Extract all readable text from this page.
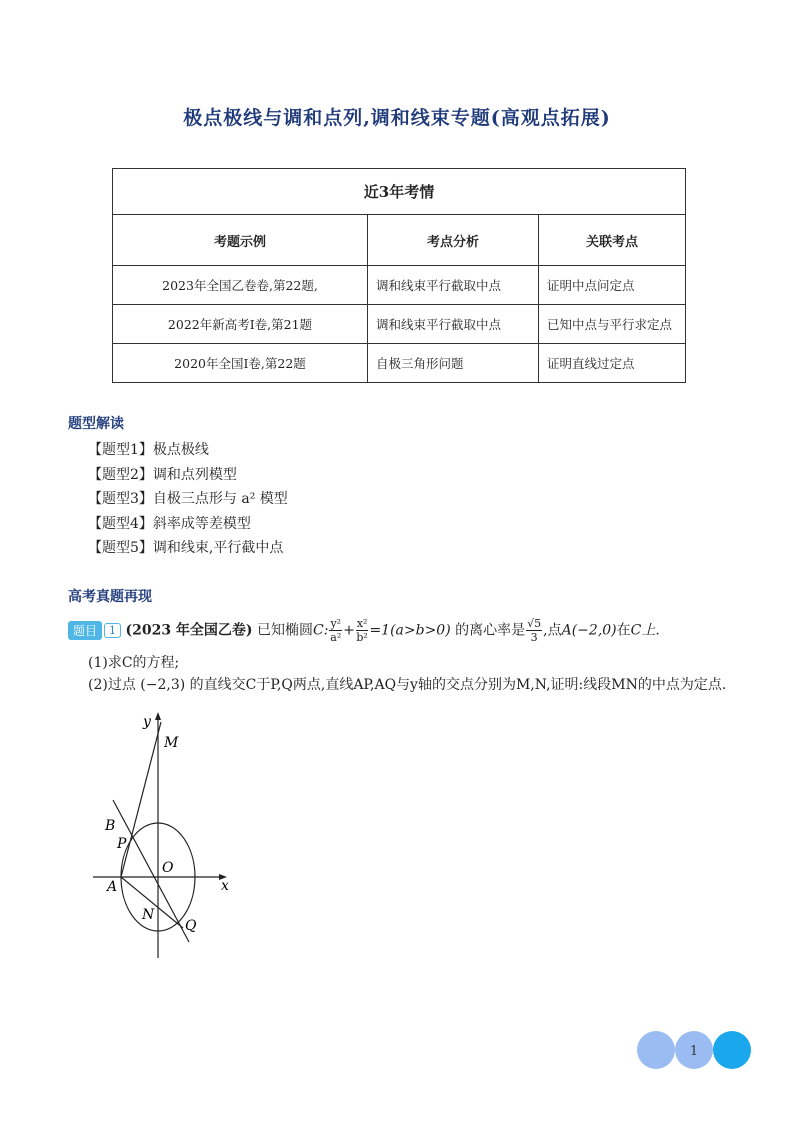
极点极线与调和点列,调和线束专题(高观点拓展)
近3年考情		
考题示例	考点分析	关联考点
2023年全国乙卷卷,第22题,	调和线束平行截取中点	证明中点问定点
2022年新高考I卷,第21题	调和线束平行截取中点	已知中点与平行求定点
2020年全国I卷,第22题	自极三角形问题	证明直线过定点
题型解读
【题型1】极点极线
【题型2】调和点列模型
【题型3】自极三点形与 a² 模型
【题型4】斜率成等差模型
【题型5】调和线束,平行截中点
高考真题再现
题目 1 (2023 年全国乙卷) 已知椭圆C: $\frac{\text{y²}}{\text{a²}} + \frac{\text{x²}}{\text{b²}} =1(a>b>0)$ 的离心率是 $\frac{√5}{3}$ ,点A(−2,0)在C上.
(1)求C的方程;
(2)过点 (−2,3) 的直线交C于P,Q两点,直线AP,AQ与y轴的交点分别为M,N,证明:线段MN的中点为定点.
y
x
M
B
P
O
A
N
Q
1
